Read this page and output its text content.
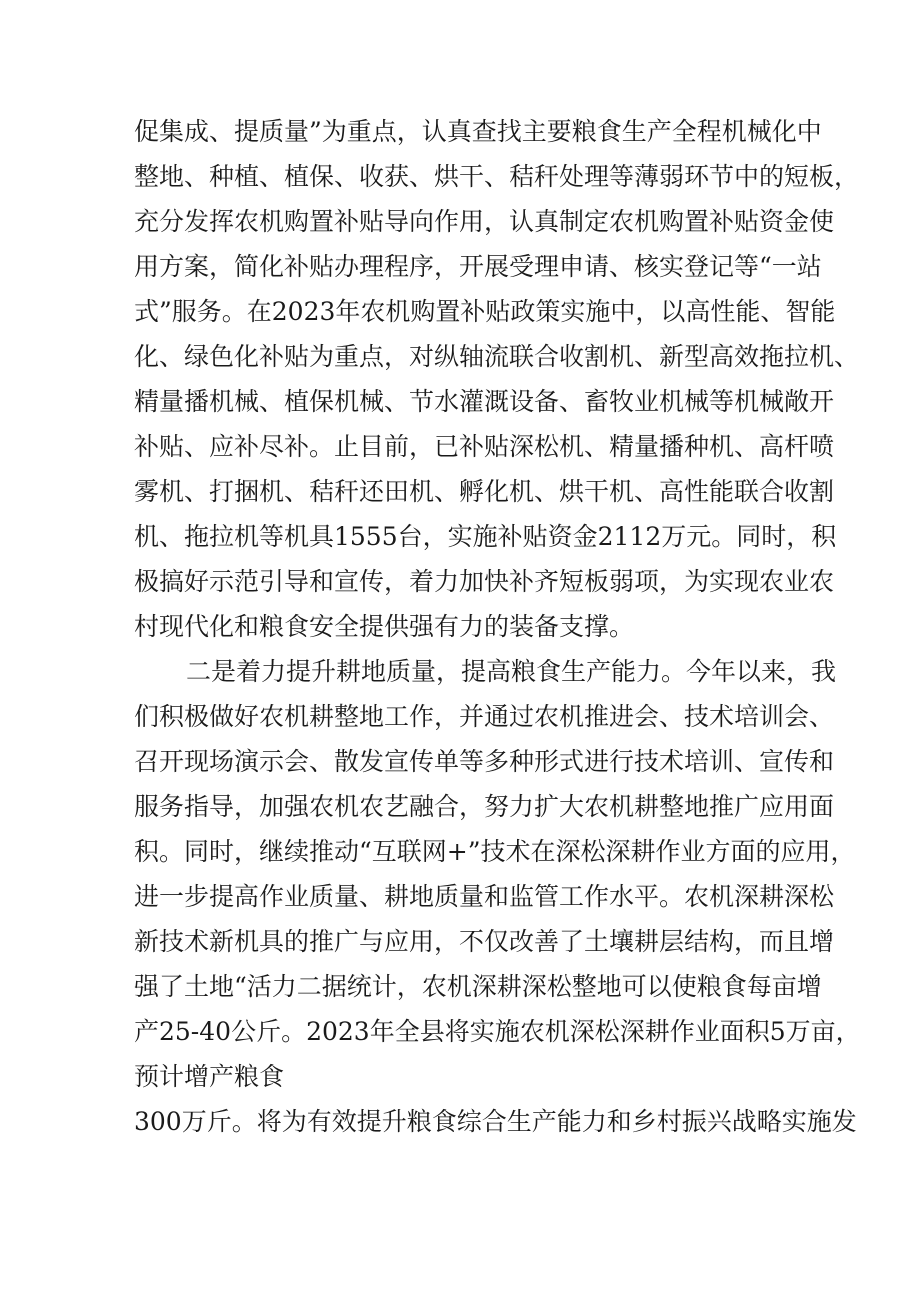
促集成、提质量”为重点，认真查找主要粮食生产全程机械化中
整地、种植、植保、收获、烘干、秸秆处理等薄弱环节中的短板，
充分发挥农机购置补贴导向作用，认真制定农机购置补贴资金使
用方案，简化补贴办理程序，开展受理申请、核实登记等“一站
式”服务。在2023年农机购置补贴政策实施中，以高性能、智能
化、绿色化补贴为重点，对纵轴流联合收割机、新型高效拖拉机、
精量播机械、植保机械、节水灌溉设备、畜牧业机械等机械敞开
补贴、应补尽补。止目前，已补贴深松机、精量播种机、高杆喷
雾机、打捆机、秸秆还田机、孵化机、烘干机、高性能联合收割
机、拖拉机等机具1555台，实施补贴资金2112万元。同时，积
极搞好示范引导和宣传，着力加快补齐短板弱项，为实现农业农
村现代化和粮食安全提供强有力的装备支撑。
二是着力提升耕地质量，提高粮食生产能力。今年以来，我
们积极做好农机耕整地工作，并通过农机推进会、技术培训会、
召开现场演示会、散发宣传单等多种形式进行技术培训、宣传和
服务指导，加强农机农艺融合，努力扩大农机耕整地推广应用面
积。同时，继续推动“互联网+”技术在深松深耕作业方面的应用，
进一步提高作业质量、耕地质量和监管工作水平。农机深耕深松
新技术新机具的推广与应用，不仅改善了土壤耕层结构，而且增
强了土地“活力二据统计，农机深耕深松整地可以使粮食每亩增
产25-40公斤。2023年全县将实施农机深松深耕作业面积5万亩，
预计增产粮食
300万斤。将为有效提升粮食综合生产能力和乡村振兴战略实施发
